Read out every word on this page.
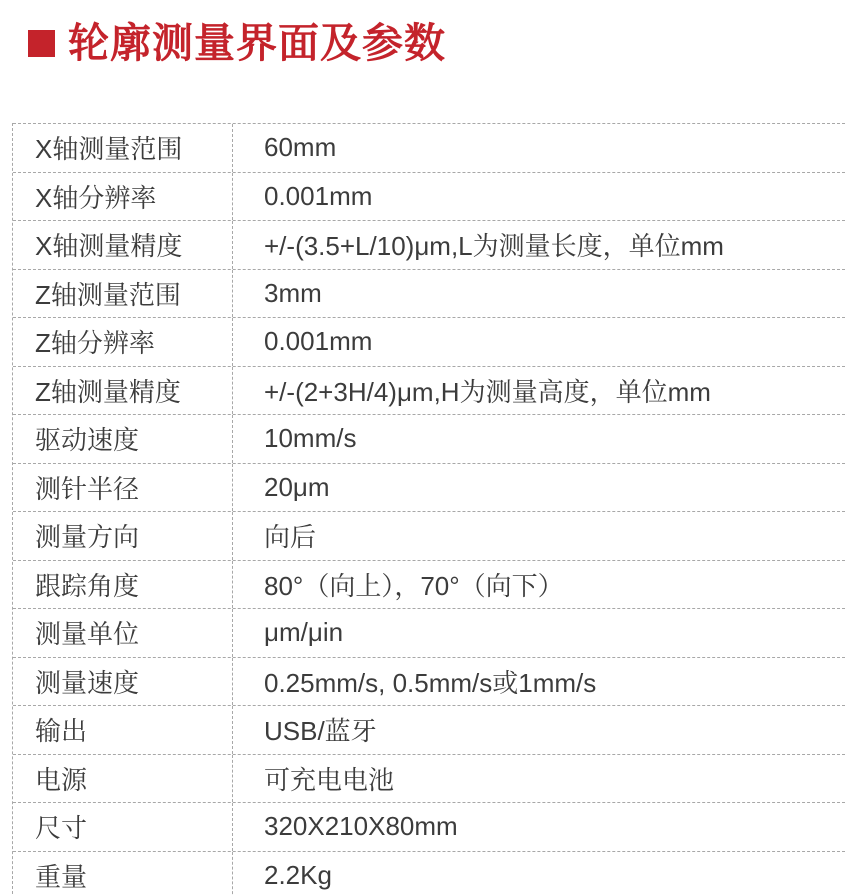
轮廓测量界面及参数
X轴测量范围	60mm
X轴分辨率	0.001mm
X轴测量精度	+/-(3.5+L/10)μm,L为测量长度，单位mm
Z轴测量范围	3mm
Z轴分辨率	0.001mm
Z轴测量精度	+/-(2+3H/4)μm,H为测量高度，单位mm
驱动速度	10mm/s
测针半径	20μm
测量方向	向后
跟踪角度	80°（向上），70°（向下）
测量单位	μm/μin
测量速度	0.25mm/s, 0.5mm/s或1mm/s
输出	USB/蓝牙
电源	可充电电池
尺寸	320X210X80mm
重量	2.2Kg
